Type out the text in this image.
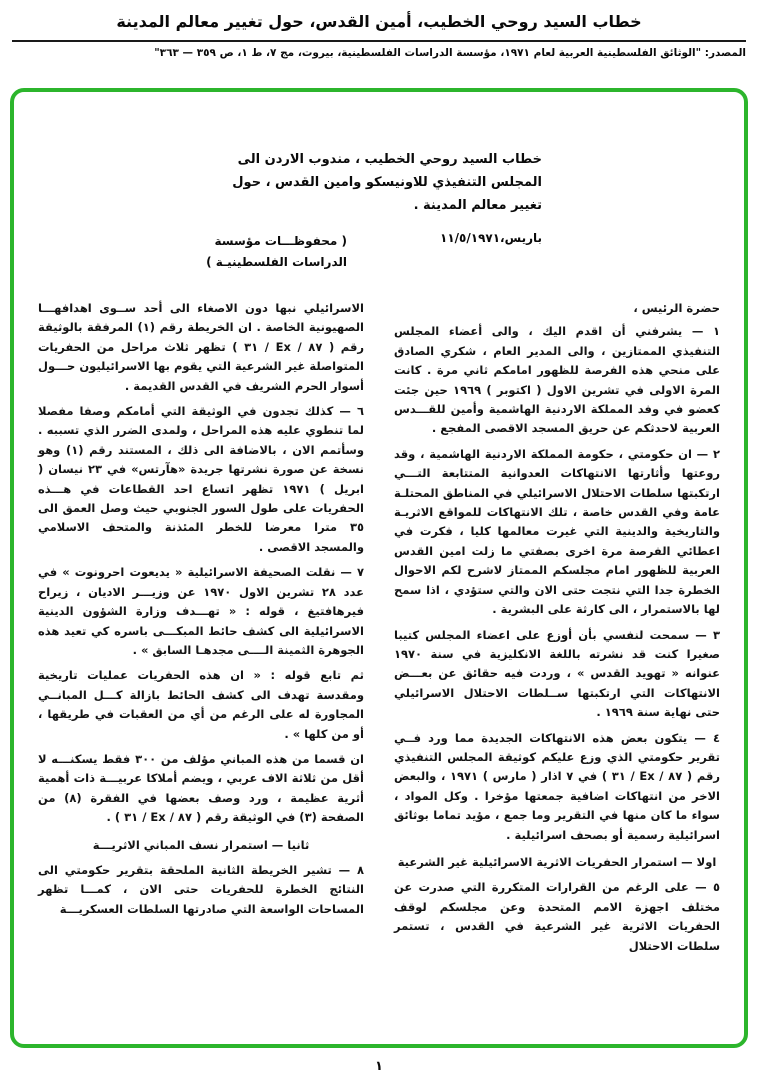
خطاب السيد روحي الخطيب، أمين القدس، حول تغيير معالم المدينة
المصدر: "الوثائق الفلسطينية العربية لعام ١٩٧١، مؤسسة الدراسات الفلسطينية، بيروت، مج ٧، ط ١، ص ٣٥٩ — ٣٦٣"
خطاب السيد روحي الخطيب ، مندوب الاردن الى المجلس التنفيذي للاونيسكو وامين القدس ، حول تغيير معالم المدينة .
باريس،١١/٥/١٩٧١
( محفوظـــات مؤسسة الدراسات الفلسطينيـة )

حضرة الرئيس ،

١ — يشرفني أن اقدم اليك ، والى أعضاء المجلس التنفيذي الممتازين ، والى المدير العام ، شكري الصادق على منحي هذه الفرصة للظهور امامكم ثاني مرة . كانت المرة الاولى في تشرين الاول ( اكتوبر ) ١٩٦٩ حين جئت كعضو في وفد المملكة الاردنية الهاشمية وأمين للقـــدس العربية لاحدثكم عن حريق المسجد الاقصى المفجع .

٢ — ان حكومتي ، حكومة المملكة الاردنية الهاشمية ، وقد روعتها وأثارتها الانتهاكات العدوانية المتتابعة التـــي ارتكبتها سلطات الاحتلال الاسرائيلي في المناطق المحتلـة عامة وفي القدس خاصة ، تلك الانتهاكات للمواقع الاثريـة والتاريخية والدينية التي غيرت معالمها كليا ، فكرت في اعطائي الفرصة مرة اخرى بصفتي ما زلت امين القدس العربية للظهور امام مجلسكم الممتاز لاشرح لكم الاحوال الخطرة جدا التي نتجت حتى الان والتي ستؤدي ، اذا سمح لها بالاستمرار ، الى كارثة على البشرية .

٣ — سمحت لنفسي بأن أوزع على اعضاء المجلس كتيبا صغيرا كنت قد نشرته باللغة الانكليزية في سنة ١٩٧٠ عنوانه « تهويد القدس » ، وردت فيه حقائق عن بعـــض الانتهاكات التي ارتكبتها ســلطات الاحتلال الاسرائيلي حتى نهاية سنة ١٩٦٩ .

٤ — يتكون بعض هذه الانتهاكات الجديدة مما ورد فــي تقرير حكومتي الذي وزع عليكم كوثيقة المجلس التنفيذي رقم ( ٨٧ / Ex / ٣١ ) في ٧ اذار ( مارس ) ١٩٧١ ، والبعض الاخر من انتهاكات اضافية جمعتها مؤخرا . وكل المواد ، سواء ما كان منها في التقرير وما جمع ، مؤيد تماما بوثائق اسرائيلية رسمية أو بصحف اسرائيلية .

اولا — استمرار الحفريات الاثرية الاسرائيلية غير الشرعية

٥ — على الرغم من القرارات المتكررة التي صدرت عن مختلف اجهزة الامم المتحدة وعن مجلسكم لوقف الحفريات الاثرية غير الشرعية في القدس ، تستمر سلطات الاحتلال

الاسرائيلي نبها دون الاصغاء الى أحد ســوى اهدافهـــا الصهيونية الخاصة . ان الخريطة رقم (١) المرفقة بالوثيقة رقم ( ٨٧ / Ex / ٣١ ) تظهر ثلاث مراحل من الحفريات المتواصلة غير الشرعية التي يقوم بها الاسرائيليون حـــول أسوار الحرم الشريف في القدس القديمة .

٦ — كذلك تجدون في الوثيقة التي أمامكم وصفا مفصلا لما تنطوي عليه هذه المراحل ، ولمدى الضرر الذي تسببه . وسأتمم الان ، بالاضافة الى ذلك ، المستند رقم (١) وهو نسخة عن صورة نشرتها جريدة «هآرتس» في ٢٣ نيسان ( ابريل ) ١٩٧١ تظهر اتساع احد القطاعات في هـــذه الحفريات على طول السور الجنوبي حيث وصل العمق الى ٣٥ مترا معرضا للخطر المئذنة والمتحف الاسلامي والمسجد الاقصى .

٧ — نقلت الصحيفة الاسرائيلية « يديعوت احرونوت » في عدد ٢٨ تشرين الاول ١٩٧٠ عن وزيـــر الاديان ، زيراح فيرهافتيغ ، قوله : « تهـــدف وزارة الشؤون الدينية الاسرائيلية الى كشف حائط المبكـــى باسره كي تعيد هذه الجوهرة الثمينة الــــى مجدهـا السابق » .

ثم تابع قوله : « ان هذه الحفريات عمليات تاريخية ومقدسة تهدف الى كشف الحائط بازالة كـــل المبانــي المجاورة له على الرغم من أي من العقبات في طريقها ، أو من كلها » .

ان قسما من هذه المباني مؤلف من ٣٠٠ فقط يسكنـــه لا أقل من ثلاثة الاف عربي ، ويضم أملاكا عربيـــة ذات أهمية أثرية عظيمة ، ورد وصف بعضها في الفقرة (٨) من الصفحة (٣) في الوثيقة رقم ( ٨٧ / Ex / ٣١ ) .

ثانيا — استمرار نسف المباني الاثريـــة

٨ — تشير الخريطة الثانية الملحقة بتقرير حكومتي الى النتائج الخطرة للحفريات حتى الان ، كمـــا تظهر المساحات الواسعة التي صادرتها السلطات العسكريـــة

١
